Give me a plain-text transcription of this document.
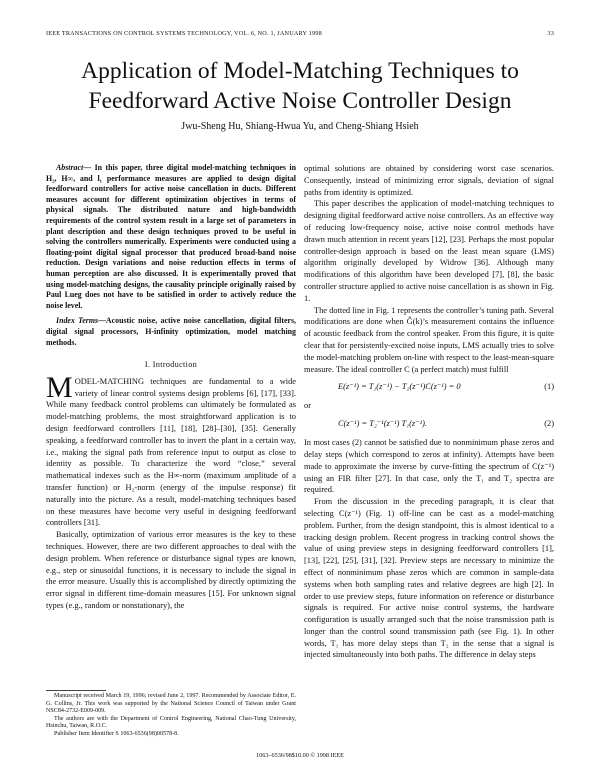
IEEE TRANSACTIONS ON CONTROL SYSTEMS TECHNOLOGY, VOL. 6, NO. 1, JANUARY 1998	33
Application of Model-Matching Techniques to
Feedforward Active Noise Controller Design
Jwu-Sheng Hu, Shiang-Hwua Yu, and Cheng-Shiang Hsieh

Abstract— In this paper, three digital model-matching techniques in H₂, H∞, and l₁ performance measures are applied to design digital feedforward controllers for active noise cancellation in ducts. Different measures account for different optimization objectives in terms of physical signals. The distributed nature and high-bandwidth requirements of the control system result in a large set of parameters in plant description and these design techniques proved to be useful in solving the controllers numerically. Experiments were conducted using a floating-point digital signal processor that produced broad-band noise reduction. Design variations and noise reduction effects in terms of human perception are also discussed. It is experimentally proved that using model-matching designs, the causality principle originally raised by Paul Lueg does not have to be satisfied in order to actively reduce the noise level.

Index Terms—Acoustic noise, active noise cancellation, digital filters, digital signal processors, H-infinity optimization, model matching methods.

I. Introduction

MODEL-MATCHING techniques are fundamental to a wide variety of linear control systems design problems [6], [17], [33]. While many feedback control problems can ultimately be formulated as model-matching problems, the most straightforward application is to design feedforward controllers [11], [18], [28]–[30], [35]. Generally speaking, a feedforward controller has to invert the plant in a certain way, i.e., making the signal path from reference input to output as close to identity as possible. To characterize the word “close,” several mathematical indexes such as the H∞-norm (maximum amplitude of a transfer function) or H₂-norm (energy of the impulse response) fit naturally into the picture. As a result, model-matching techniques based on these measures have become very useful in designing feedforward controllers [31].

Basically, optimization of various error measures is the key to these techniques. However, there are two different approaches to deal with the design problem. When reference or disturbance signal types are known, e.g., step or sinusoidal functions, it is necessary to include the signal in the error measure. Usually this is accomplished by directly optimizing the error signal in different time-domain measures [15]. For unknown signal types (e.g., random or nonstationary), the

optimal solutions are obtained by considering worst case scenarios. Consequently, instead of minimizing error signals, deviation of signal paths from identity is optimized.

This paper describes the application of model-matching techniques to designing digital feedforward active noise controllers. As an effective way of reducing low-frequency noise, active noise control methods have drawn much attention in recent years [12], [23]. Perhaps the most popular controller-design approach is based on the least mean square (LMS) algorithm originally developed by Widrow [36]. Although many modifications of this algorithm have been developed [7], [8], the basic controller structure applied to active noise cancellation is as shown in Fig. 1.

The dotted line in Fig. 1 represents the controller’s tuning path. Several modifications are done when Ĝ(k)’s measurement contains the influence of acoustic feedback from the control speaker. From this figure, it is quite clear that for persistently-excited noise inputs, LMS actually tries to solve the model-matching problem on-line with respect to the least-mean-square measure. The ideal controller C (a perfect match) must fulfill

E(z⁻¹) = T₁(z⁻¹) − T₂(z⁻¹)C(z⁻¹) = 0	(1)

or

C(z⁻¹) = T₂⁻¹(z⁻¹) T₁(z⁻¹).	(2)

In most cases (2) cannot be satisfied due to nonminimum phase zeros and delay steps (which correspond to zeros at infinity). Attempts have been made to approximate the inverse by curve-fitting the spectrum of C(z⁻¹) using an FIR filter [27]. In that case, only the T₁ and T₂ spectra are required.

From the discussion in the preceding paragraph, it is clear that selecting C(z⁻¹) (Fig. 1) off-line can be cast as a model-matching problem. Further, from the design standpoint, this is almost identical to a tracking design problem. Recent progress in tracking control shows the value of using preview steps in designing feedforward controllers [1], [13], [22], [25], [31], [32]. Preview steps are necessary to minimize the effect of nonminimum phase zeros which are common in sample-data systems when both sampling rates and relative degrees are high [2]. In order to use preview steps, future information on reference or disturbance signals is required. For active noise control systems, the hardware configuration is usually arranged such that the noise transmission path is longer than the control sound transmission path (see Fig. 1). In other words, T₁ has more delay steps than T₂ in the sense that a signal is injected simultaneously into both paths. The difference in delay steps

Manuscript received March 19, 1996; revised June 2, 1997. Recommended by Associate Editor, E. G. Collins, Jr. This work was supported by the National Science Council of Taiwan under Grant NSC84-2732-E009-009.

The authors are with the Department of Control Engineering, National Chao-Tung University, Hsinchu, Taiwan, R.O.C.

Publisher Item Identifier S 1063-6536(98)00578-8.

1063–6536/98$10.00 © 1998 IEEE
